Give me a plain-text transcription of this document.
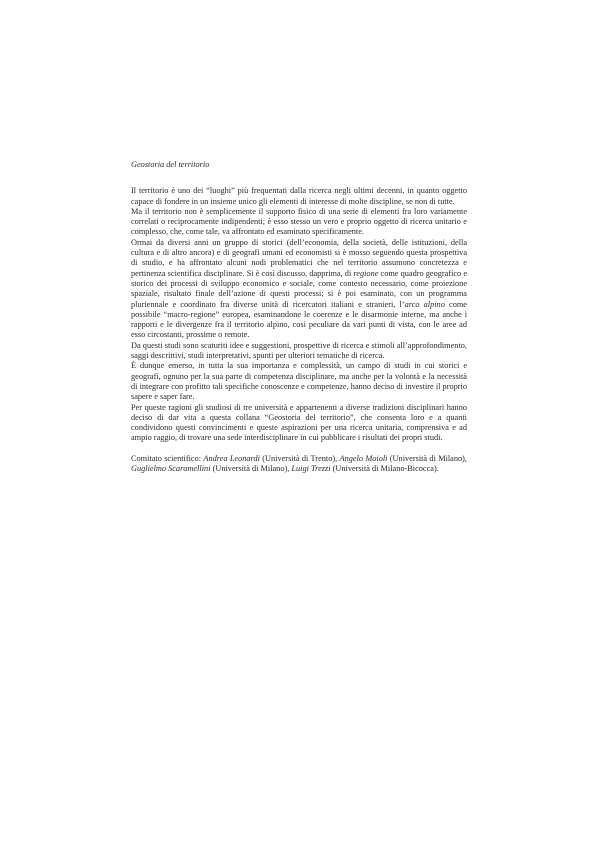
Geostoria del territorio

Il territorio è uno dei “luoghi” più frequentati dalla ricerca negli ultimi decenni, in quanto oggetto capace di fondere in un insieme unico gli elementi di interesse di molte discipline, se non di tutte.

Ma il territorio non è semplicemente il supporto fisico di una serie di elementi fra loro variamente correlati o reciprocamente indipendenti; è esso stesso un vero e proprio oggetto di ricerca unitario e complesso, che, come tale, va affrontato ed esaminato specificamente.

Ormai da diversi anni un gruppo di storici (dell’economia, della società, delle istituzioni, della cultura e di altro ancora) e di geografi umani ed economisti si è mosso seguendo questa prospettiva di studio, e ha affrontato alcuni nodi problematici che nel territorio assumono concretezza e pertinenza scientifica disciplinare. Si è così discusso, dapprima, di regione come quadro geografico e storico dei processi di sviluppo economico e sociale, come contesto necessario, come proiezione spaziale, risultato finale dell’azione di questi processi; si è poi esaminato, con un programma pluriennale e coordinato fra diverse unità di ricercatori italiani e stranieri, l’arco alpino come possibile “macro-regione” europea, esaminandone le coerenze e le disarmonie interne, ma anche i rapporti e le divergenze fra il territorio alpino, così peculiare da vari punti di vista, con le aree ad esso circostanti, prossime o remote.

Da questi studi sono scaturiti idee e suggestioni, prospettive di ricerca e stimoli all’approfondimento, saggi descrittivi, studi interpretativi, spunti per ulteriori tematiche di ricerca.

È dunque emerso, in tutta la sua importanza e complessità, un campo di studi in cui storici e geografi, ognuno per la sua parte di competenza disciplinare, ma anche per la volontà e la necessità di integrare con profitto tali specifiche conoscenze e competenze, hanno deciso di investire il proprio sapere e saper fare.

Per queste ragioni gli studiosi di tre università e appartenenti a diverse tradizioni disciplinari hanno deciso di dar vita a questa collana “Geostoria del territorio”, che consenta loro e a quanti condividono questi convincimenti e queste aspirazioni per una ricerca unitaria, comprensiva e ad ampio raggio, di trovare una sede interdisciplinare in cui pubblicare i risultati dei propri studi.

Comitato scientifico: Andrea Leonardi (Università di Trento), Angelo Moioli (Università di Milano), Guglielmo Scaramellini (Università di Milano), Luigi Trezzi (Università di Milano-Bicocca).
